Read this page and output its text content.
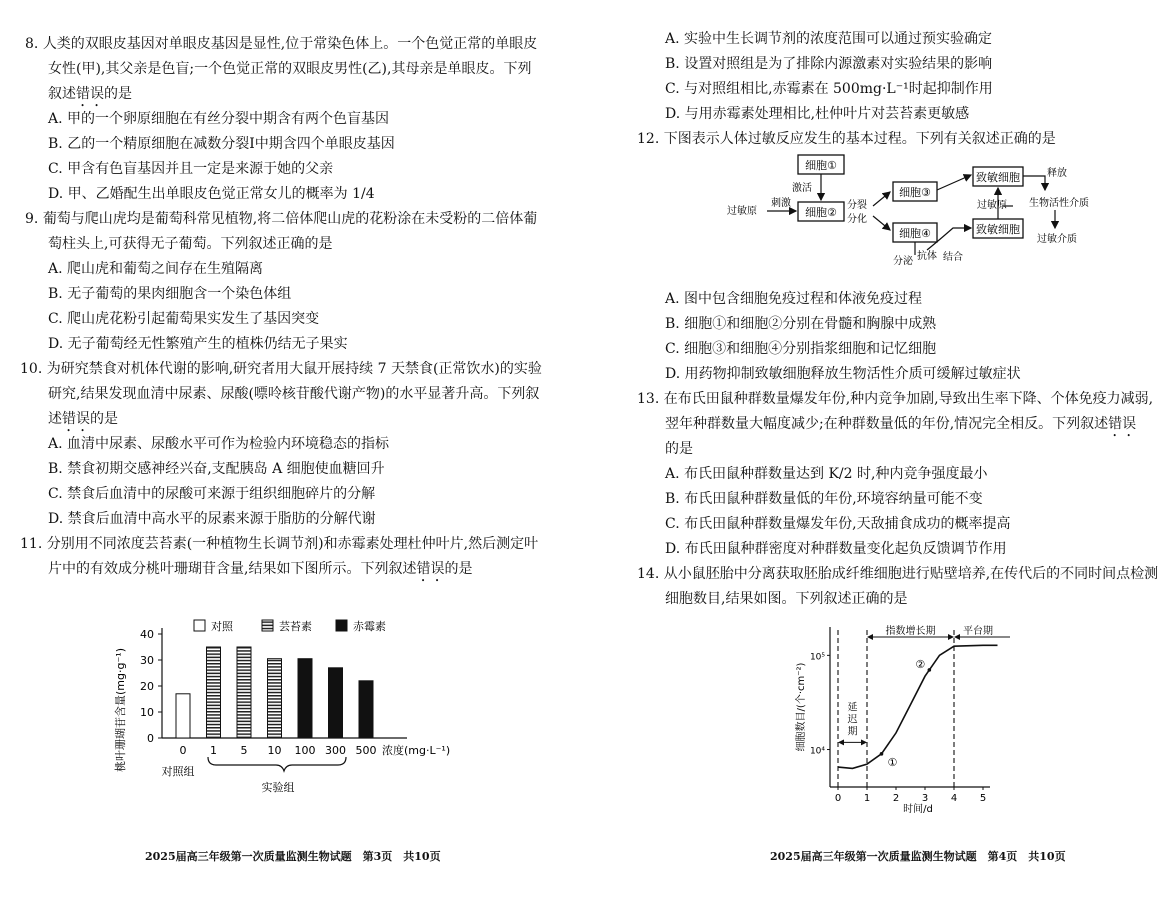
8. 人类的双眼皮基因对单眼皮基因是显性,位于常染色体上。一个色觉正常的单眼皮
女性(甲),其父亲是色盲;一个色觉正常的双眼皮男性(乙),其母亲是单眼皮。下列
叙述错误的是
A. 甲的一个卵原细胞在有丝分裂中期含有两个色盲基因
B. 乙的一个精原细胞在减数分裂Ⅰ中期含四个单眼皮基因
C. 甲含有色盲基因并且一定是来源于她的父亲
D. 甲、乙婚配生出单眼皮色觉正常女儿的概率为 1/4
9. 葡萄与爬山虎均是葡萄科常见植物,将二倍体爬山虎的花粉涂在未受粉的二倍体葡
萄柱头上,可获得无子葡萄。下列叙述正确的是
A. 爬山虎和葡萄之间存在生殖隔离
B. 无子葡萄的果肉细胞含一个染色体组
C. 爬山虎花粉引起葡萄果实发生了基因突变
D. 无子葡萄经无性繁殖产生的植株仍结无子果实
10. 为研究禁食对机体代谢的影响,研究者用大鼠开展持续 7 天禁食(正常饮水)的实验
研究,结果发现血清中尿素、尿酸(嘌呤核苷酸代谢产物)的水平显著升高。下列叙
述错误的是
A. 血清中尿素、尿酸水平可作为检验内环境稳态的指标
B. 禁食初期交感神经兴奋,支配胰岛 A 细胞使血糖回升
C. 禁食后血清中的尿酸可来源于组织细胞碎片的分解
D. 禁食后血清中高水平的尿素来源于脂肪的分解代谢
11. 分别用不同浓度芸苔素(一种植物生长调节剂)和赤霉素处理杜仲叶片,然后测定叶
片中的有效成分桃叶珊瑚苷含量,结果如下图所示。下列叙述错误的是
0
10
20
30
40
0 1 5 10 100 300 500
对照	芸苔素	赤霉素
桃叶珊瑚苷含量(mg·g⁻¹)	浓度(mg·L⁻¹)
对照组
实验组
2025届高三年级第一次质量监测生物试题　第3页　共10页
A. 实验中生长调节剂的浓度范围可以通过预实验确定
B. 设置对照组是为了排除内源激素对实验结果的影响
C. 与对照组相比,赤霉素在 500mg·L⁻¹时起抑制作用
D. 与用赤霉素处理相比,杜仲叶片对芸苔素更敏感
12. 下图表示人体过敏反应发生的基本过程。下列有关叙述正确的是
细胞①
激活
过敏原
刺激
细胞②
分裂
分化
细胞③
细胞④
分泌 抗体 结合
致敏细胞
致敏细胞
过敏原
释放
生物活性介质
过敏介质
A. 图中包含细胞免疫过程和体液免疫过程
B. 细胞①和细胞②分别在骨髓和胸腺中成熟
C. 细胞③和细胞④分别指浆细胞和记忆细胞
D. 用药物抑制致敏细胞释放生物活性介质可缓解过敏症状
13. 在布氏田鼠种群数量爆发年份,种内竞争加剧,导致出生率下降、个体免疫力减弱,
翌年种群数量大幅度减少;在种群数量低的年份,情况完全相反。下列叙述错误
的是
A. 布氏田鼠种群数量达到 K/2 时,种内竞争强度最小
B. 布氏田鼠种群数量低的年份,环境容纳量可能不变
C. 布氏田鼠种群数量爆发年份,天敌捕食成功的概率提高
D. 布氏田鼠种群密度对种群数量变化起负反馈调节作用
14. 从小鼠胚胎中分离获取胚胎成纤维细胞进行贴壁培养,在传代后的不同时间点检测
细胞数目,结果如图。下列叙述正确的是
指数增长期	平台期
延
迟
期
①
②
0 1 2 3 4 5
10⁴
10⁵
细胞数目/(个·cm⁻²)
时间/d
2025届高三年级第一次质量监测生物试题　第4页　共10页
